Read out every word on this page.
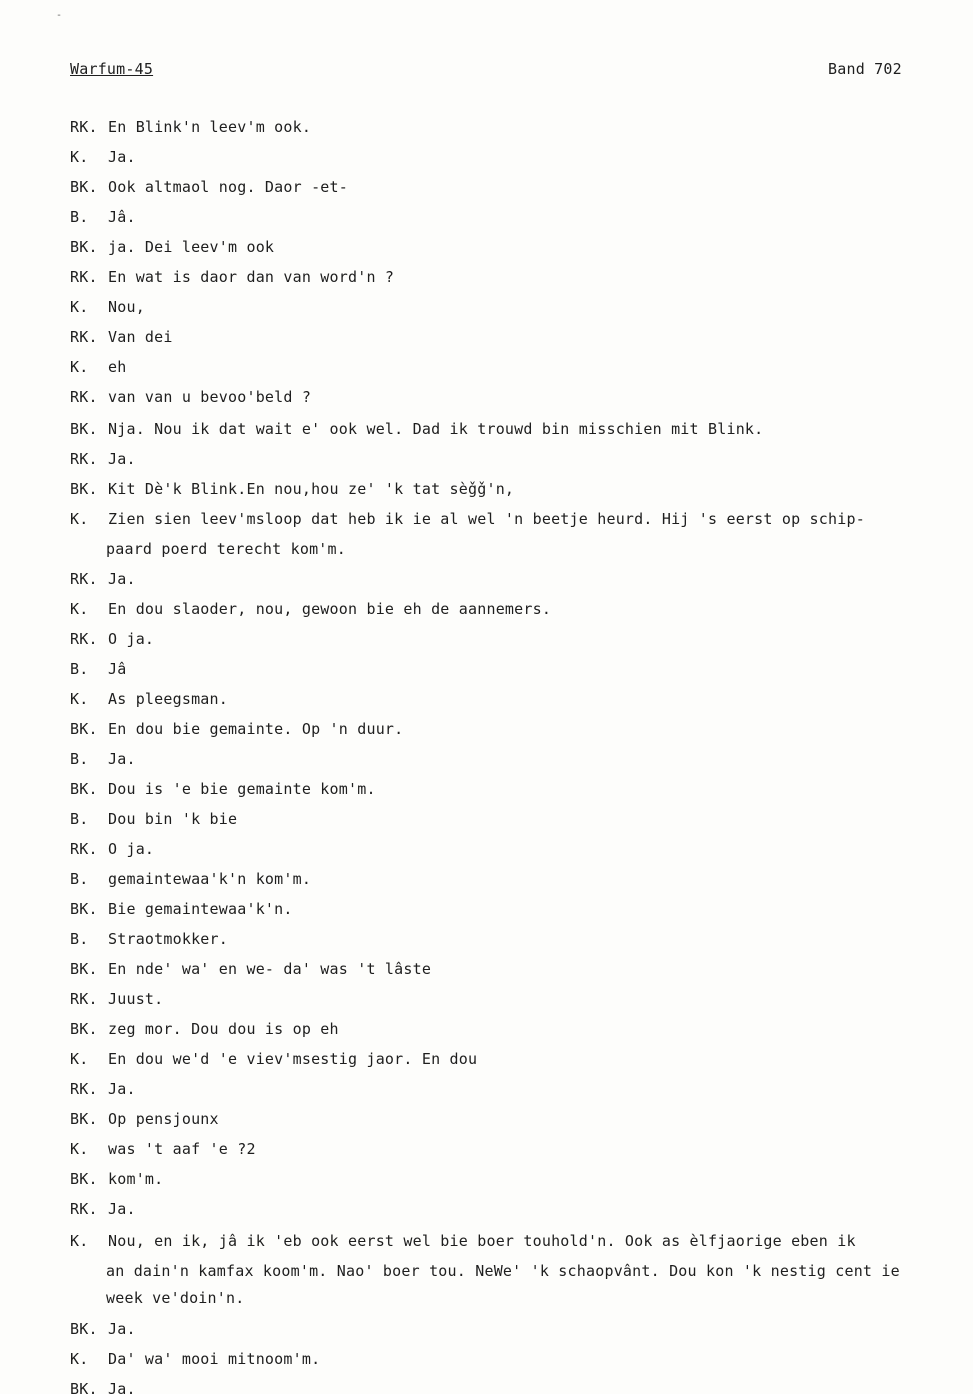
-
Warfum-45	Band 702
RK. En Blink'n leev'm ook.
K. Ja.
BK. Ook altmaol nog. Daor -et-
B. Jâ.
BK. ja. Dei leev'm ook
RK. En wat is daor dan van word'n ?
K. Nou,
RK. Van dei
K. eh
RK. van van u bevoo'beld ?
BK. Nja. Nou ik dat wait e' ook wel. Dad ik trouwd bin misschien mit Blink.
RK. Ja.
BK. Kit Dè'k Blink.En nou,hou ze' 'k tat sèǧǧ'n,
K. Zien sien leev'msloop dat heb ik ie al wel 'n beetje heurd. Hij 's eerst op schip-
paard poerd terecht kom'm.
RK. Ja.
K. En dou slaoder, nou, gewoon bie eh de aannemers.
RK. O ja.
B. Jâ
K. As pleegsman.
BK. En dou bie gemainte. Op 'n duur.
B. Ja.
BK. Dou is 'e bie gemainte kom'm.
B. Dou bin 'k bie
RK. O ja.
B. gemaintewaa'k'n kom'm.
BK. Bie gemaintewaa'k'n.
B. Straotmokker.
BK. En nde' wa' en we- da' was 't lâste
RK. Juust.
BK. zeg mor. Dou dou is op eh
K. En dou we'd 'e viev'msestig jaor. En dou
RK. Ja.
BK. Op pensjounx
K. was 't aaf 'e ?2
BK. kom'm.
RK. Ja.
K. Nou, en ik, jâ ik 'eb ook eerst wel bie boer touhold'n. Ook as èlfjaorige eben ik
an dain'n kamfax koom'm. Nao' boer tou. NeWe' 'k schaopvânt. Dou kon 'k nestig cent ie
week ve'doin'n.
BK. Ja.
K. Da' wa' mooi mitnoom'm.
BK. Ja.
